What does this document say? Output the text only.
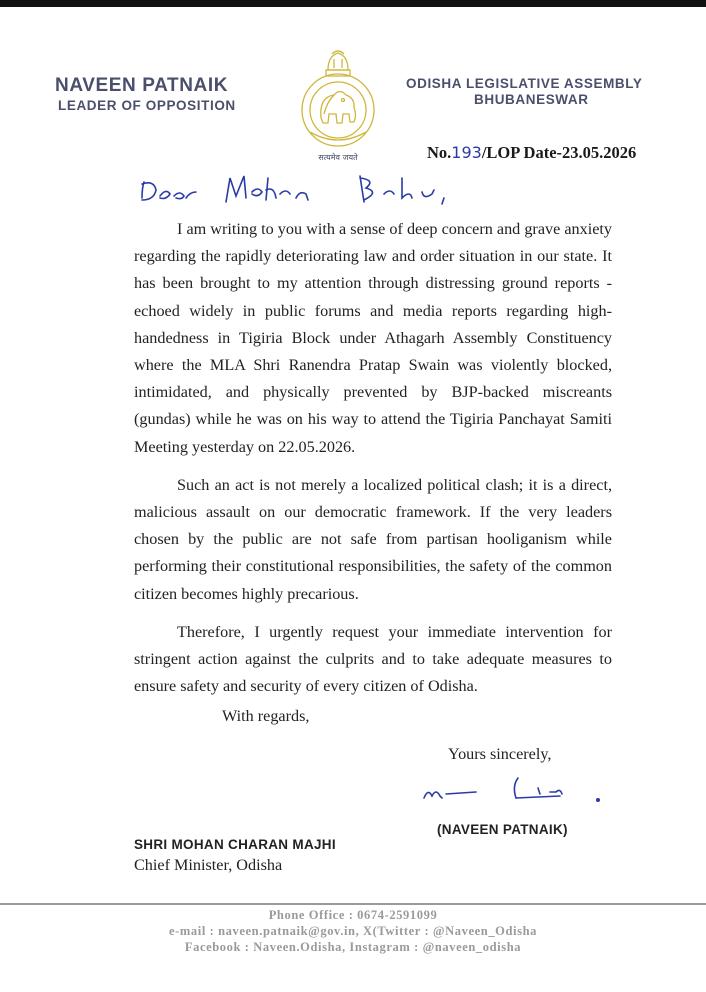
NAVEEN PATNAIK
LEADER OF OPPOSITION
सत्यमेव जयते
ODISHA LEGISLATIVE ASSEMBLY
BHUBANESWAR
No.193/LOP Date-23.05.2026
Dear Mohan Babu,

I am writing to you with a sense of deep concern and grave anxiety regarding the rapidly deteriorating law and order situation in our state. It has been brought to my attention through distressing ground reports - echoed widely in public forums and media reports regarding high-handedness in Tigiria Block under Athagarh Assembly Constituency where the MLA Shri Ranendra Pratap Swain was violently blocked, intimidated, and physically prevented by BJP-backed miscreants (gundas) while he was on his way to attend the Tigiria Panchayat Samiti Meeting yesterday on 22.05.2026.

Such an act is not merely a localized political clash; it is a direct, malicious assault on our democratic framework. If the very leaders chosen by the public are not safe from partisan hooliganism while performing their constitutional responsibilities, the safety of the common citizen becomes highly precarious.

Therefore, I urgently request your immediate intervention for stringent action against the culprits and to take adequate measures to ensure safety and security of every citizen of Odisha.

With regards,
Yours sincerely,
(NAVEEN PATNAIK)
SHRI MOHAN CHARAN MAJHI
Chief Minister, Odisha
Phone Office : 0674-2591099
e-mail : naveen.patnaik@gov.in, X(Twitter : @Naveen_Odisha
Facebook : Naveen.Odisha, Instagram : @naveen_odisha
